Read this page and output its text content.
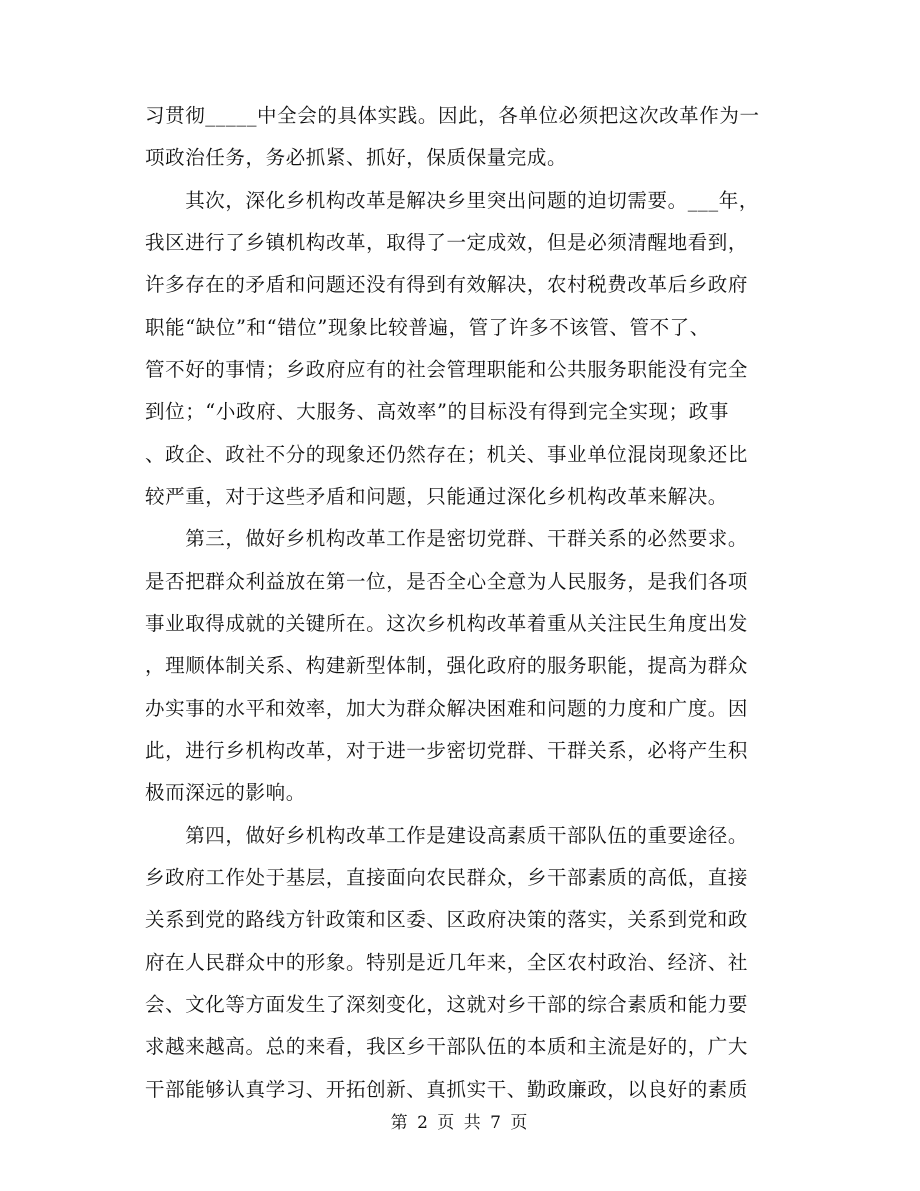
习贯彻_____中全会的具体实践。因此，各单位必须把这次改革作为一
项政治任务，务必抓紧、抓好，保质保量完成。
　　其次，深化乡机构改革是解决乡里突出问题的迫切需要。___年，
我区进行了乡镇机构改革，取得了一定成效，但是必须清醒地看到，
许多存在的矛盾和问题还没有得到有效解决，农村税费改革后乡政府
职能“缺位”和“错位”现象比较普遍，管了许多不该管、管不了、
管不好的事情；乡政府应有的社会管理职能和公共服务职能没有完全
到位；“小政府、大服务、高效率”的目标没有得到完全实现；政事
、政企、政社不分的现象还仍然存在；机关、事业单位混岗现象还比
较严重，对于这些矛盾和问题，只能通过深化乡机构改革来解决。
　　第三，做好乡机构改革工作是密切党群、干群关系的必然要求。
是否把群众利益放在第一位，是否全心全意为人民服务，是我们各项
事业取得成就的关键所在。这次乡机构改革着重从关注民生角度出发
，理顺体制关系、构建新型体制，强化政府的服务职能，提高为群众
办实事的水平和效率，加大为群众解决困难和问题的力度和广度。因
此，进行乡机构改革，对于进一步密切党群、干群关系，必将产生积
极而深远的影响。
　　第四，做好乡机构改革工作是建设高素质干部队伍的重要途径。
乡政府工作处于基层，直接面向农民群众，乡干部素质的高低，直接
关系到党的路线方针政策和区委、区政府决策的落实，关系到党和政
府在人民群众中的形象。特别是近几年来，全区农村政治、经济、社
会、文化等方面发生了深刻变化，这就对乡干部的综合素质和能力要
求越来越高。总的来看，我区乡干部队伍的本质和主流是好的，广大
干部能够认真学习、开拓创新、真抓实干、勤政廉政，以良好的素质
第 2 页 共 7 页
